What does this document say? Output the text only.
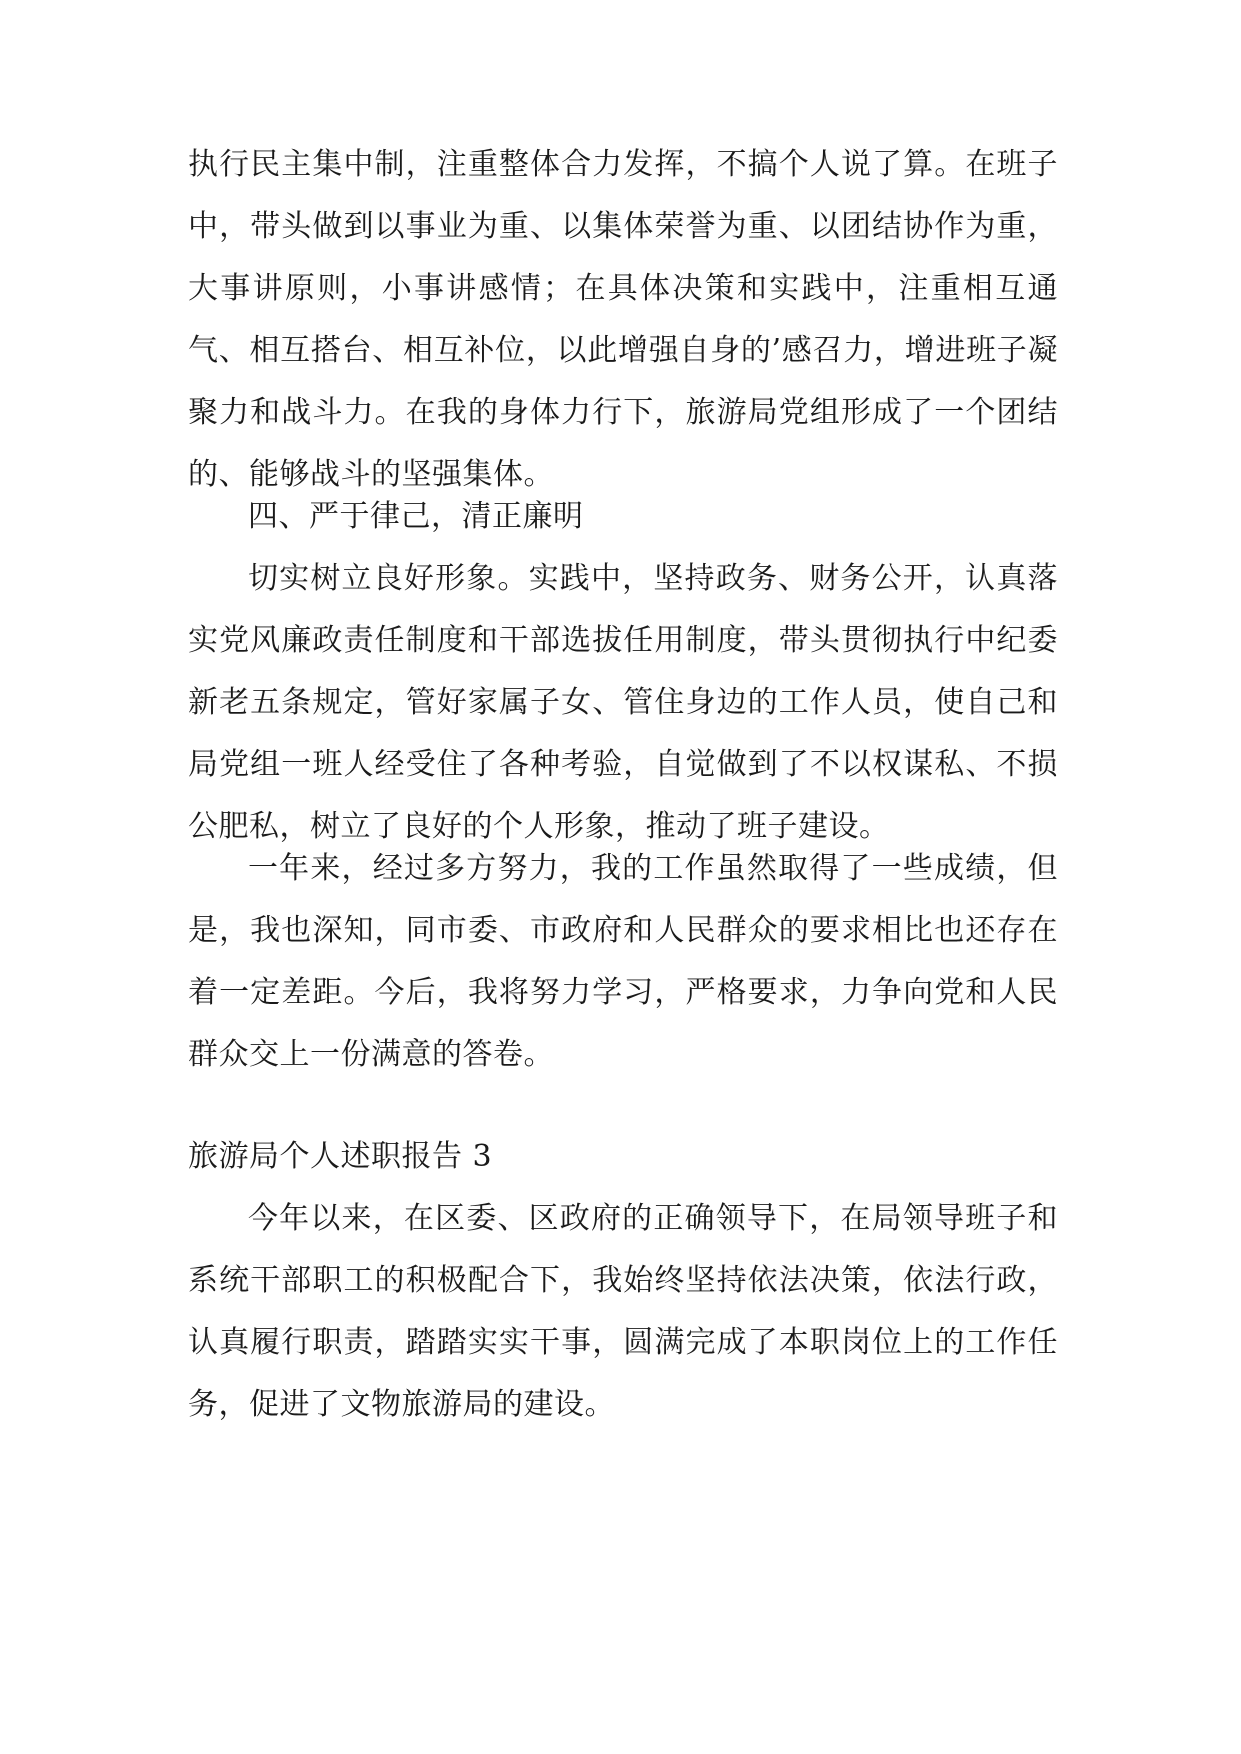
执行民主集中制，注重整体合力发挥，不搞个人说了算。在班子中，带头做到以事业为重、以集体荣誉为重、以团结协作为重，大事讲原则，小事讲感情；在具体决策和实践中，注重相互通气、相互搭台、相互补位，以此增强自身的’感召力，增进班子凝聚力和战斗力。在我的身体力行下，旅游局党组形成了一个团结的、能够战斗的坚强集体。

四、严于律己，清正廉明

切实树立良好形象。实践中，坚持政务、财务公开，认真落实党风廉政责任制度和干部选拔任用制度，带头贯彻执行中纪委新老五条规定，管好家属子女、管住身边的工作人员，使自己和局党组一班人经受住了各种考验，自觉做到了不以权谋私、不损公肥私，树立了良好的个人形象，推动了班子建设。

一年来，经过多方努力，我的工作虽然取得了一些成绩，但是，我也深知，同市委、市政府和人民群众的要求相比也还存在着一定差距。今后，我将努力学习，严格要求，力争向党和人民群众交上一份满意的答卷。

旅游局个人述职报告 3

今年以来，在区委、区政府的正确领导下，在局领导班子和系统干部职工的积极配合下，我始终坚持依法决策，依法行政，认真履行职责，踏踏实实干事，圆满完成了本职岗位上的工作任务，促进了文物旅游局的建设。
